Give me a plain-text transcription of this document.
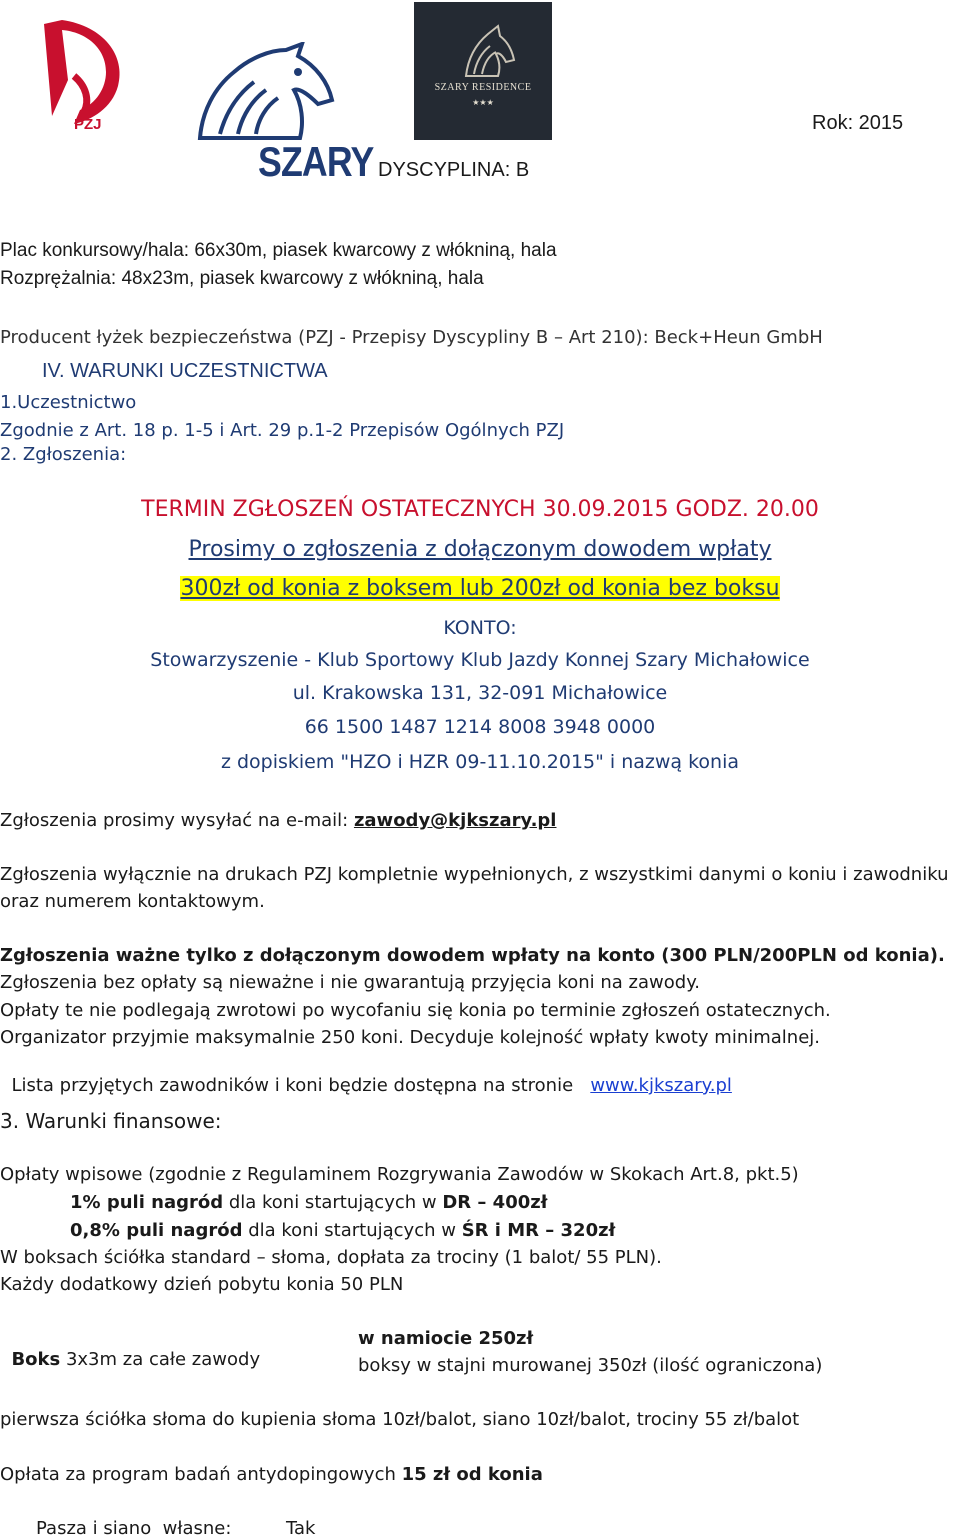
PZJ
SZARY
SZARY RESIDENCE
★★★
Rok: 2015
DYSCYPLINA: B
Plac konkursowy/hala: 66x30m, piasek kwarcowy z włókniną, hala
Rozprężalnia: 48x23m, piasek kwarcowy z włókniną, hala
Producent łyżek bezpieczeństwa (PZJ - Przepisy Dyscypliny B – Art 210): Beck+Heun GmbH
IV. WARUNKI UCZESTNICTWA
1.Uczestnictwo
Zgodnie z Art. 18 p. 1-5 i Art. 29 p.1-2 Przepisów Ogólnych PZJ
2. Zgłoszenia:
TERMIN ZGŁOSZEŃ OSTATECZNYCH 30.09.2015 GODZ. 20.00
Prosimy o zgłoszenia z dołączonym dowodem wpłaty
300zł od konia z boksem lub 200zł od konia bez boksu
KONTO:
Stowarzyszenie - Klub Sportowy Klub Jazdy Konnej Szary Michałowice
ul. Krakowska 131, 32-091 Michałowice
66 1500 1487 1214 8008 3948 0000
z dopiskiem "HZO i HZR 09-11.10.2015" i nazwą konia
Zgłoszenia prosimy wysyłać na e-mail: zawody@kjkszary.pl
Zgłoszenia wyłącznie na drukach PZJ kompletnie wypełnionych, z wszystkimi danymi o koniu i zawodniku
oraz numerem kontaktowym.
Zgłoszenia ważne tylko z dołączonym dowodem wpłaty na konto (300 PLN/200PLN od konia).
Zgłoszenia bez opłaty są nieważne i nie gwarantują przyjęcia koni na zawody.
Opłaty te nie podlegają zwrotowi po wycofaniu się konia po terminie zgłoszeń ostatecznych.
Organizator przyjmie maksymalnie 250 koni. Decyduje kolejność wpłaty kwoty minimalnej.

Lista przyjętych zawodników i koni będzie dostępna na stronie   www.kjkszary.pl

3. Warunki finansowe:
Opłaty wpisowe (zgodnie z Regulaminem Rozgrywania Zawodów w Skokach Art.8, pkt.5)
1% puli nagród dla koni startujących w DR – 400zł
0,8% puli nagród dla koni startujących w ŚR i MR – 320zł
W boksach ściółka standard – słoma, dopłata za trociny (1 balot/ 55 PLN).
Każdy dodatkowy dzień pobytu konia 50 PLN

Boks 3x3m za całe zawody

w namiocie 250zł
boksy w stajni murowanej 350zł (ilość ograniczona)
pierwsza ściółka słoma do kupienia słoma 10zł/balot, siano 10zł/balot, trociny 55 zł/balot
Opłata za program badań antydopingowych 15 zł od konia
Pasza i siano  własne:	Tak
